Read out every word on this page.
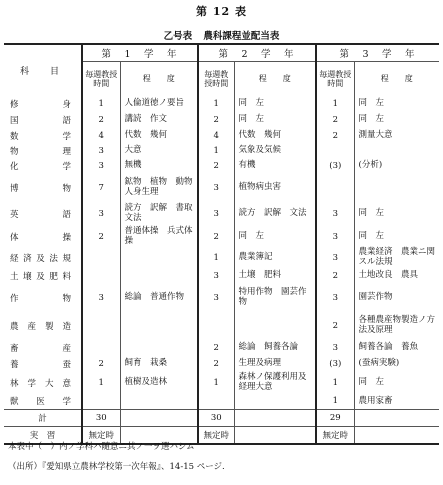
第 12 表
乙号表 農科課程並配当表
科　目	第　1　学　年		第　2　学　年		第　3　学　年	
	毎週教授時間	程　　度	毎週教授時間	程　　度	毎週教授時間	程　　度
修　身	1	人倫道徳ノ要旨	1	同　左	1	同　左
国　語	2	講読　作文	2	同　左	2	同　左
数　学	4	代数　幾何	4	代数　幾何	2	測量大意
物　理	3	大意	1	気象及気候		
化　学	3	無機	2	有機	(3)	(分析)
博　物	7	鉱物　植物　動物　人身生理	3	植物病虫害		
英　語	3	読方　訳解　書取　文法	3	読方　訳解　文法	3	同　左
体　操	2	普通体操　兵式体操	2	同　左	3	同　左
経済及法規			1	農業簿記	3	農業経済　農業ニ関スル法規
土壌及肥料			3	土壌　肥料	2	土地改良　農具
作　物	3	総論　普通作物	3	特用作物　園芸作物	3	園芸作物
農産製造					2	各種農産物製造ノ方法及原理
畜　産			2	総論　飼養各論	3	飼養各論　養魚
養　蚕	2	飼育　栽桑	2	生理及病理	(3)	(蚕病実験)
林学大意	1	植樹及造林	1	森林ノ保護利用及経理大意	1	同　左
獣医学					1	農用家畜
計	30		30		29	
実　習	無定時		無定時		無定時	
本表中（　）内ノ学科ハ随意ニ其ノ一ヲ選ハシム
（出所）『愛知県立農林学校第一次年報』、14-15 ページ.
